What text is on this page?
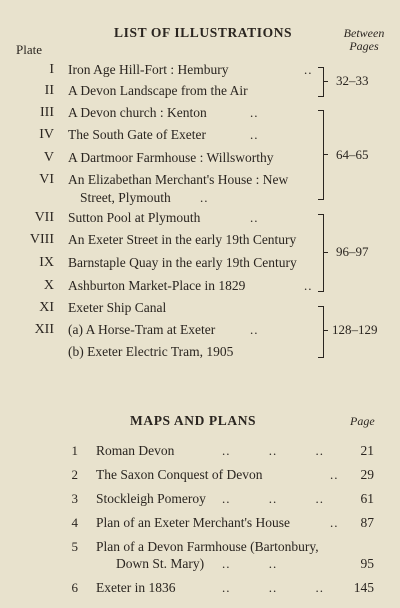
LIST OF ILLUSTRATIONS	Between
Pages
Plate
I Iron Age Hill-Fort : Hembury	..
II A Devon Landscape from the Air
32–33
III A Devon church : Kenton	..
IV The South Gate of Exeter	..
V A Dartmoor Farmhouse : Willsworthy
VI An Elizabethan Merchant's House : New
Street, Plymouth ..
64–65
VII Sutton Pool at Plymouth	..
VIII An Exeter Street in the early 19th Century
IX Barnstaple Quay in the early 19th Century
X Ashburton Market-Place in 1829	..
96–97
XI Exeter Ship Canal
XII (a) A Horse-Tram at Exeter	..
(b) Exeter Electric Tram, 1905
128–129
MAPS AND PLANS	Page
1 Roman Devon	..         ..         ..	21
2 The Saxon Conquest of Devon	..	29
3 Stockleigh Pomeroy ..         ..         ..	61
4 Plan of an Exeter Merchant's House	..	87
5 Plan of a Devon Farmhouse (Bartonbury,
Down St. Mary) ..         ..	95
6 Exeter in 1836	..         ..         ..	145
